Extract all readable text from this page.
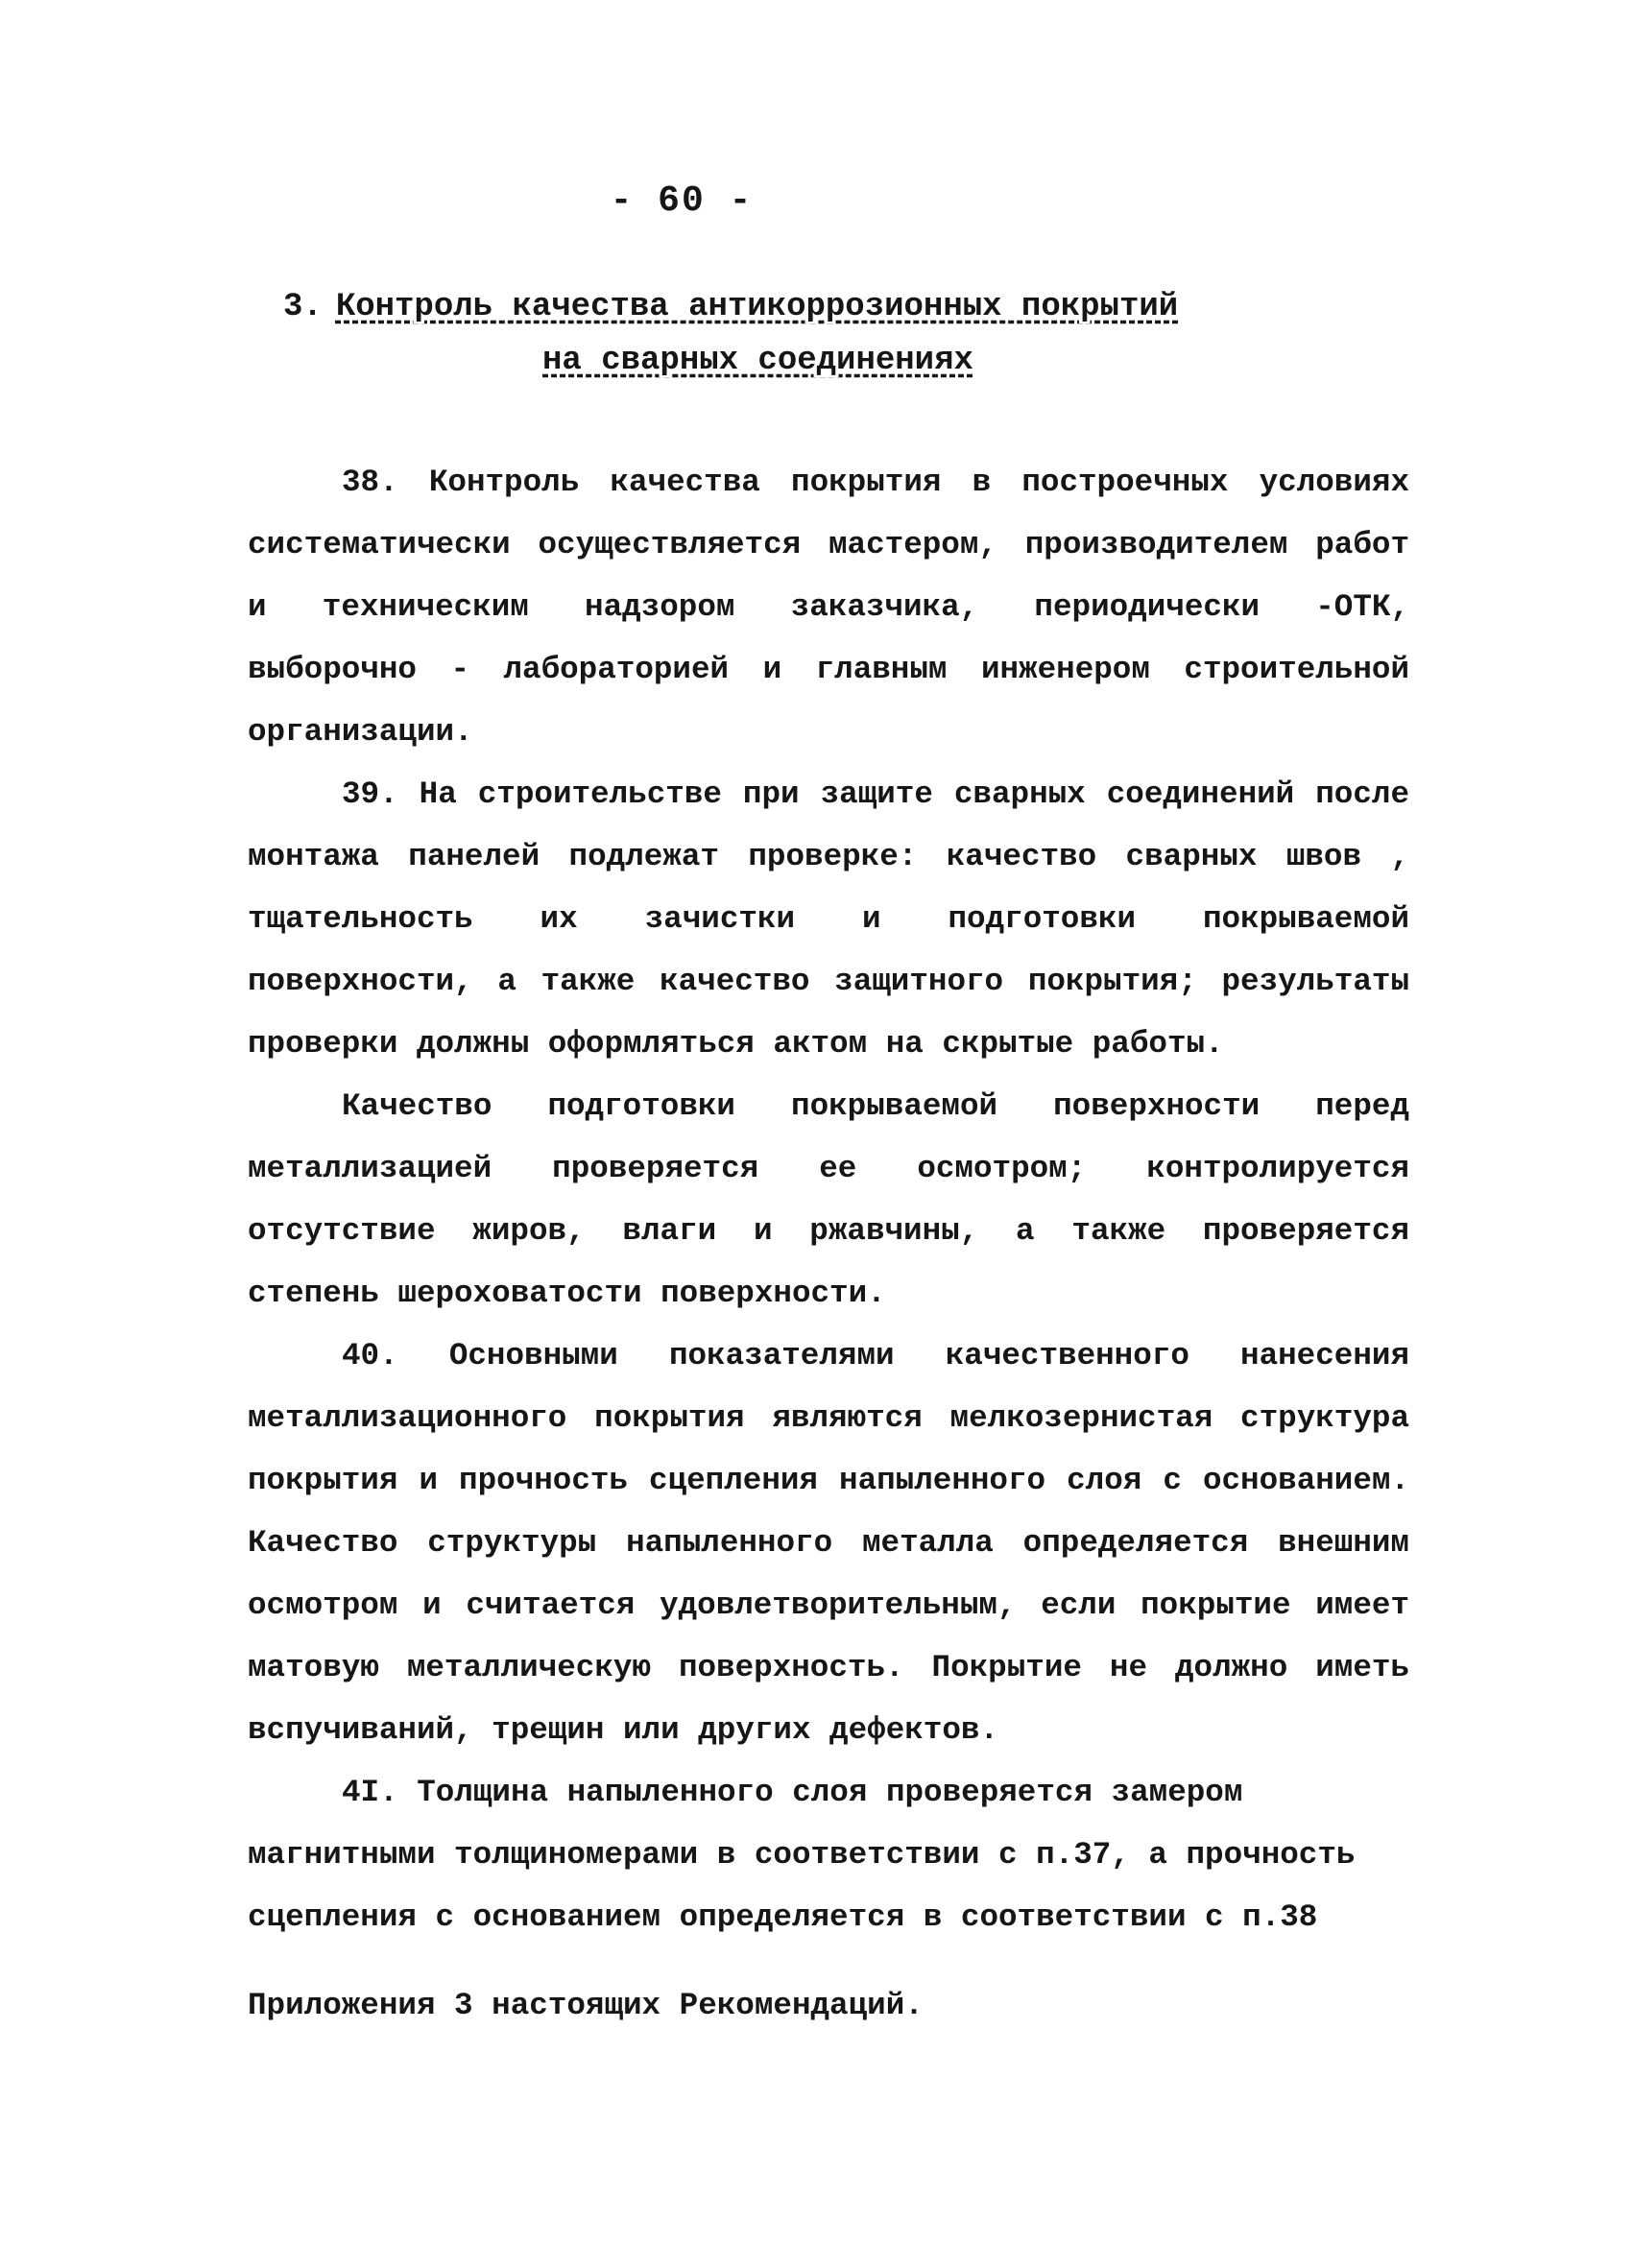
- 60 -
3. Контроль качества антикоррозионных покрытий
на сварных соединениях

38. Контроль качества покрытия в построечных условиях систематически осуществляется мастером, производителем работ и техническим надзором заказчика, периодически -ОТК, выборочно - лабораторией и главным инженером строительной организации.

39. На строительстве при защите сварных соединений после монтажа панелей подлежат проверке: качество сварных швов , тщательность их зачистки и подготовки покрываемой поверхности, а также качество защитного покрытия; результаты проверки должны оформляться актом на скрытые работы.

Качество подготовки покрываемой поверхности перед металлизацией проверяется ее осмотром; контролируется отсутствие жиров, влаги и ржавчины, а также проверяется степень шероховатости поверхности.

40. Основными показателями качественного нанесения металлизационного покрытия являются мелкозернистая структура покрытия и прочность сцепления напыленного слоя с основанием. Качество структуры напыленного металла определяется внешним осмотром и считается удовлетворительным, если покрытие имеет матовую металлическую поверхность. Покрытие не должно иметь вспучиваний, трещин или других дефектов.

4I. Толщина напыленного слоя проверяется замером магнитными толщиномерами в соответствии с п.37, а прочность сцепления с основанием определяется в соответствии с п.38

Приложения 3 настоящих Рекомендаций.
